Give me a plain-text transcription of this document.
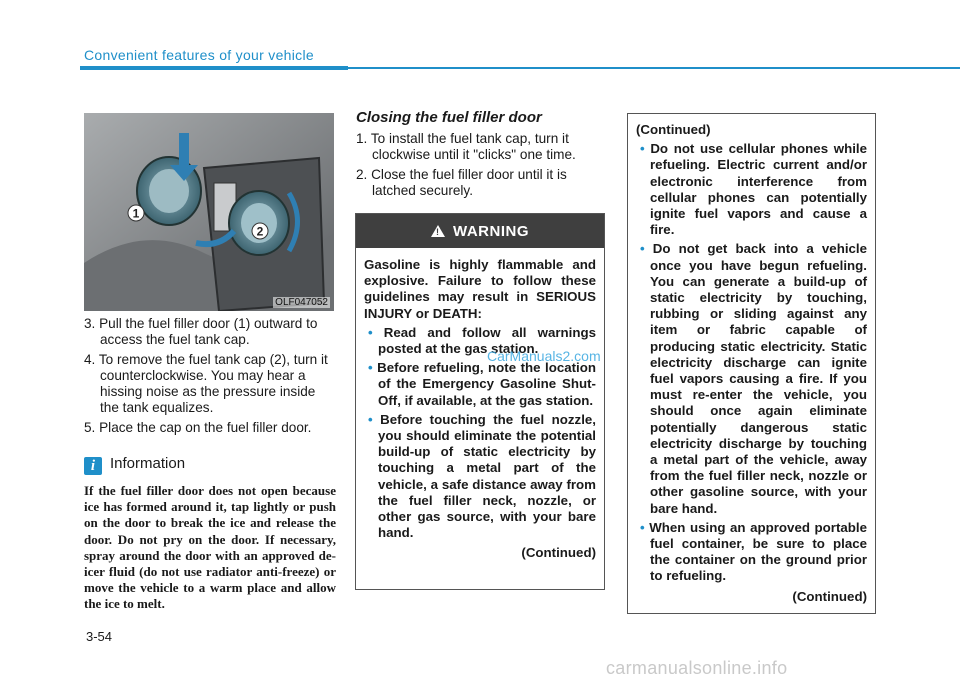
Convenient features of your vehicle
1
2
OLF047052
3. Pull the fuel filler door (1) outward to access the fuel tank cap.
4. To remove the fuel tank cap (2), turn it counterclockwise. You may hear a hissing noise as the pressure inside the tank equalizes.
5. Place the cap on the fuel filler door.
i Information
If the fuel filler door does not open because ice has formed around it, tap lightly or push on the door to break the ice and release the door. Do not pry on the door. If necessary, spray around the door with an approved de-icer fluid (do not use radiator anti-freeze) or move the vehicle to a warm place and allow the ice to melt.
3-54
Closing the fuel filler door
1. To install the fuel tank cap, turn it clockwise until it "clicks" one time.
2. Close the fuel filler door until it is latched securely.
! WARNING
Gasoline is highly flammable and explosive. Failure to follow these guidelines may result in SERIOUS INJURY or DEATH:
• Read and follow all warnings posted at the gas station.
• Before refueling, note the location of the Emergency Gasoline Shut-Off, if available, at the gas station.
• Before touching the fuel nozzle, you should eliminate the potential build-up of static electricity by touching a metal part of the vehicle, a safe distance away from the fuel filler neck, nozzle, or other gas source, with your bare hand.
(Continued)
(Continued)
• Do not use cellular phones while refueling. Electric current and/or electronic interference from cellular phones can potentially ignite fuel vapors and cause a fire.
• Do not get back into a vehicle once you have begun refueling. You can generate a build-up of static electricity by touching, rubbing or sliding against any item or fabric capable of producing static electricity. Static electricity discharge can ignite fuel vapors causing a fire. If you must re-enter the vehicle, you should once again eliminate potentially dangerous static electricity discharge by touching a metal part of the vehicle, away from the fuel filler neck, nozzle or other gasoline source, with your bare hand.
• When using an approved portable fuel container, be sure to place the container on the ground prior to refueling.
(Continued)
CarManuals2.com
carmanualsonline.info
